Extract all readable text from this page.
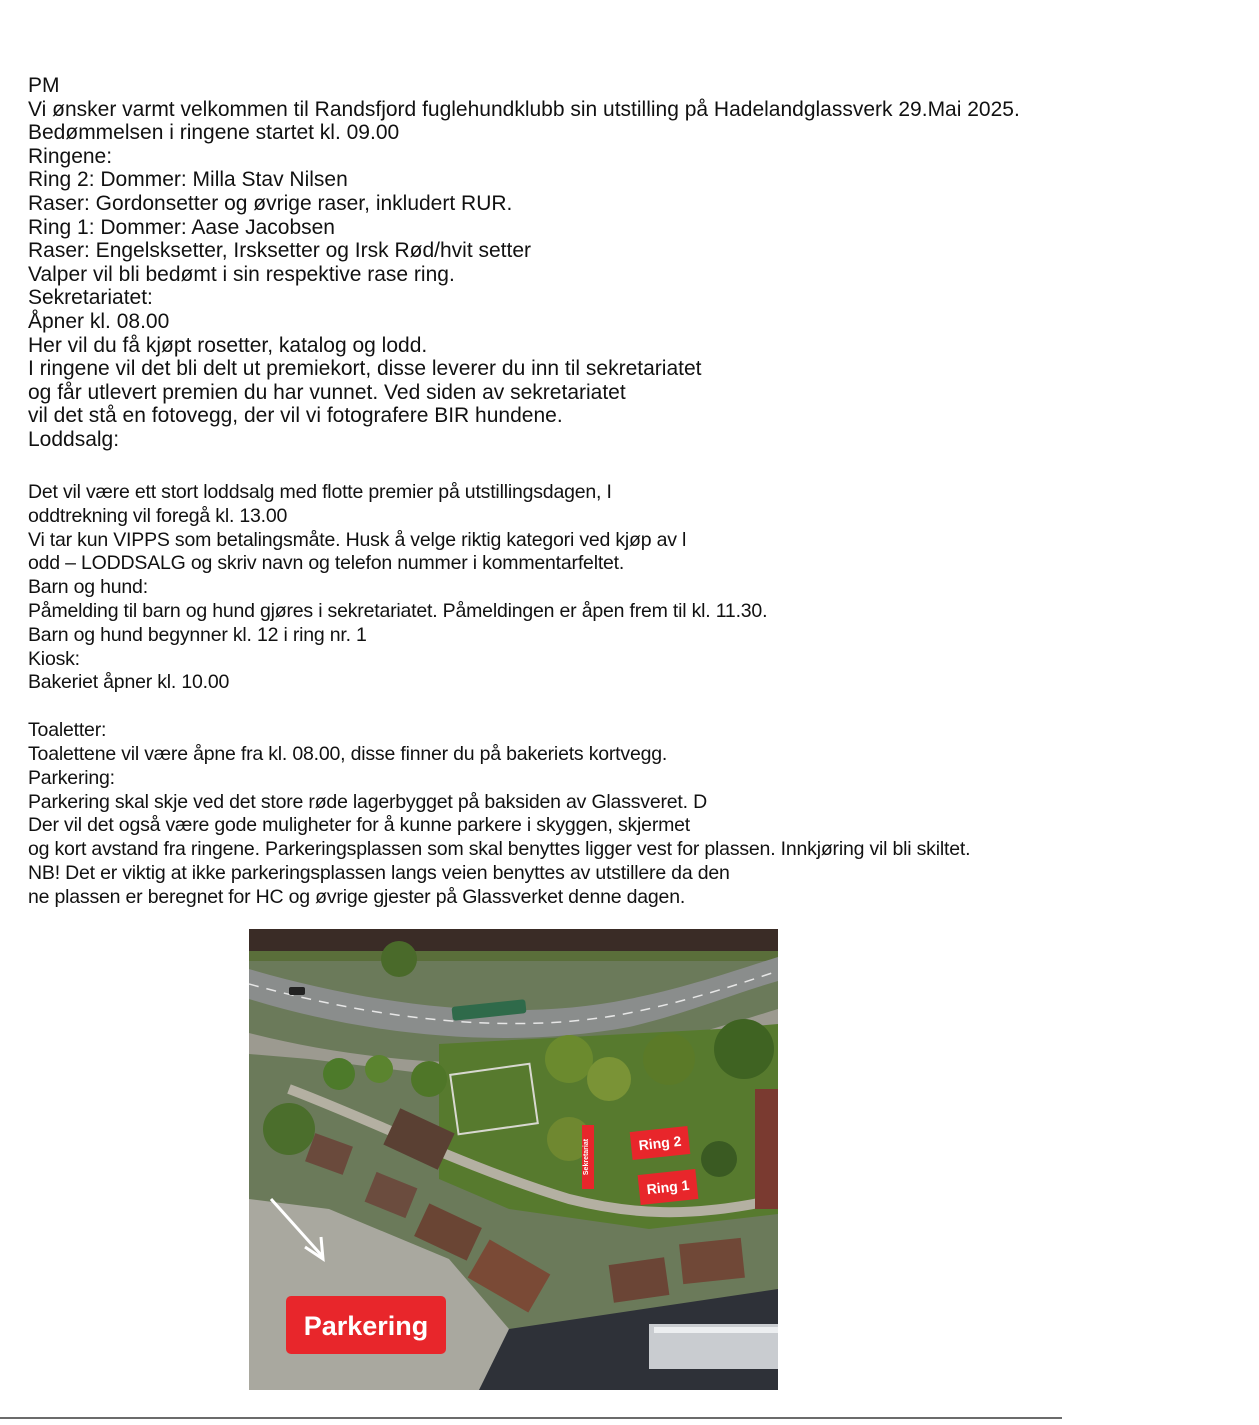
PM
Vi ønsker varmt velkommen til Randsfjord fuglehundklubb sin utstilling på Hadelandglassverk 29.Mai 2025.
Bedømmelsen i ringene startet kl. 09.00
Ringene:
Ring 2: Dommer: Milla Stav Nilsen
Raser: Gordonsetter og øvrige raser, inkludert RUR.
Ring 1: Dommer: Aase Jacobsen
Raser: Engelsksetter, Irsksetter og Irsk Rød/hvit setter
Valper vil bli bedømt i sin respektive rase ring.
Sekretariatet:
Åpner kl. 08.00
Her vil du få kjøpt rosetter, katalog og lodd.
I ringene vil det bli delt ut premiekort, disse leverer du inn til sekretariatet
og får utlevert premien du har vunnet. Ved siden av sekretariatet
vil det stå en fotovegg, der vil vi fotografere BIR hundene.
Loddsalg:
Det vil være ett stort loddsalg med flotte premier på utstillingsdagen, I
oddtrekning vil foregå kl. 13.00
Vi tar kun VIPPS som betalingsmåte. Husk å velge riktig kategori ved kjøp av l
odd – LODDSALG og skriv navn og telefon nummer i kommentarfeltet.
Barn og hund:
Påmelding til barn og hund gjøres i sekretariatet. Påmeldingen er åpen frem til kl. 11.30.
Barn og hund begynner kl. 12 i ring nr. 1
Kiosk:
Bakeriet åpner kl. 10.00
Toaletter:
Toalettene vil være åpne fra kl. 08.00, disse finner du på bakeriets kortvegg.
Parkering:
Parkering skal skje ved det store røde lagerbygget på baksiden av Glassveret. D
Der vil det også være gode muligheter for å kunne parkere i skyggen, skjermet
og kort avstand fra ringene. Parkeringsplassen som skal benyttes ligger vest for plassen. Innkjøring vil bli skiltet.
NB! Det er viktig at ikke parkeringsplassen langs veien benyttes av utstillere da den
ne plassen er beregnet for HC og øvrige gjester på Glassverket denne dagen.
Sekretariat	Ring 2
Ring 1
Parkering
